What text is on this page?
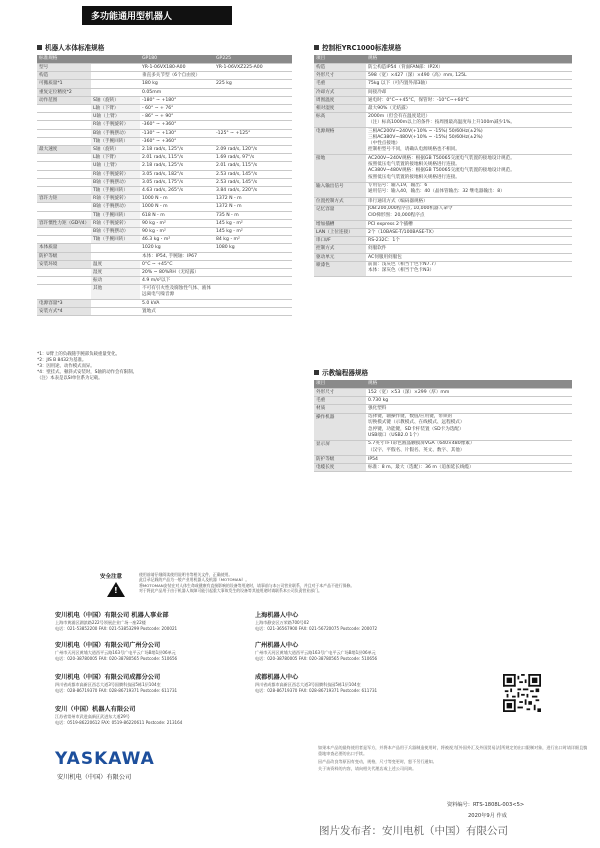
多功能通用型机器人
机器人本体标准规格
标准规格		GP180	GP225
型号		YR-1-06VX180-A00	YR-1-06VXZ225-A00
构造		垂直多关节型（6个自由度）	
可搬质量*1		180 kg	225 kg
重复定位精度*2		0.05mm	
动作范围	S轴（旋转）	-180° ~ +180°	
	L轴（下臂）	- 60° ~ + 76°	
	U轴（上臂）	- 86° ~ + 90°	
	R轴（手腕旋转）	-360° ~ +360°	
	B轴（手腕摆动）	-130° ~ +130°	-125° ~ +125°
	T轴（手腕回转）	-360° ~ +360°	
最大速度	S轴（旋转）	2.18 rad/s, 125°/s	2.09 rad/s, 120°/s
	L轴（下臂）	2.01 rad/s, 115°/s	1.69 rad/s, 97°/s
	U轴（上臂）	2.18 rad/s, 125°/s	2.01 rad/s, 115°/s
	R轴（手腕旋转）	3.05 rad/s, 182°/s	2.53 rad/s, 145°/s
	B轴（手腕摆动）	3.05 rad/s, 175°/s	2.53 rad/s, 145°/s
	T轴（手腕回转）	4.63 rad/s, 265°/s	3.84 rad/s, 220°/s
容许力矩	R轴（手腕旋转）	1000 N・m	1372 N・m
	B轴（手腕摆动）	1000 N・m	1372 N・m
	T轴（手腕回转）	618 N・m	735 N・m
容许惯性力矩（GD²/4）	R轴（手腕旋转）	90 kg・m²	145 kg・m²
	B轴（手腕摆动）	90 kg・m²	145 kg・m²
	T轴（手腕回转）	46.3 kg・m²	84 kg・m²
本体质量		1020 kg	1080 kg
防护等级		本体：IP54, 手腕轴：IP67	
安装环境	温度	0°C ~ +45°C	
	湿度	20% ~ 80%RH（无结露）	
	振动	4.9 m/s²以下	
	其他	不可有引火性及腐蚀性气体、液体
远离电气噪音源	
电源容量*3		5.0 kVA	
安装方式*4		置地式	
*1：U臂上的负载随手腕部负载重量变化。
*2：JIS B 8432为基准。
*3：因用途、动作模式而异。
*4：壁挂式、顿斜式安装时，S轴的动作会有限制。
（注）本表是以SI单位系为记载。
控制柜YRC1000标准规格
项目	规格
构造	防尘构造IP54（背面FAN部：IP2X）
外形尺寸	598（宽）×427（深）×490（高）mm, 125L
毛重	75kg 以下（可内置外部3轴）
冷却方式	间接冷却
周围温度	通电时：0°C~+45°C，保管时：-10°C~+60°C
相对湿度	最大90%（无结露）
标高	2000m（但会有在温度延迟）
（注）标高1000m以上的条件：按周围最高温度每上升100m减少1%。
电源规格	三相AC200V~240V(+10% ~ -15%) 50/60Hz(±2%)
三相AC380V~480V(+10% ~ -15%) 50/60Hz(±2%)
（中性点接地）
控制柜型号不同，请确认电源规格也不相同。
接地	AC200V~240V规格：根据GB T50065交流电气装置的接地设计规范。
按照低压电气装置的接地相关规格进行连接。
AC380V~480V规格：根据GB T50065交流电气装置的接地设计规范。
按照低压电气装置的接地相关规格进行连接。
输入输出信号	专用信号：输入19，输出：6
通用信号：输入40，输出：40（晶体管输出：32 继电器输出：8）
位置控制方式	串行通讯方式（编码器规格）
记忆容量	JOB:200,000程序点, 10,000机器人命令
CIO梯形图：20,000程序点
增加插槽	PCI express 2个插槽
LAN（上位连接）	2个（10BASE-T/100BASE-TX）
串口I/F	RS-232C：1个
控制方式	伺服软件
驱动单元	AC伺服用伺服包
喷漆色	前面：浅灰色（相当于色卡N7.7）
本体：深灰色（相当于色卡N3）
示教编程器规格
项目	规格
外形尺寸	152（宽）×53（深）×299（厚）mm
毛重	0.730 kg
材质	强化塑料
操作机器	选择键，轴操作键，数值/应用键，带锁的
切换模式键（示教模式、在线模式、远程模式）
急停键，功能键，SD卡杆装置（SD卡为选配）
USB端口（USB2.0 1个）
显示屏	5.7英寸TFT彩色液晶触摸屏VGA（640×480像素）
（汉字、平假名、片假名、英文、数字、其他）
防护等级	IP54
电缆长度	标准：8 m。最大（选配）：36 m（追加延长线缆）
安全注意
!
使用前请仔细阅读使用说明书等相关文件，正确使用。
此目录记载的产品为一般产业用机器人及机器（MOTOMAN）。
将MOTOMAN安装在对人体生命或健康有直接影响的设备等用途时，请事前与本公司营业联系，并且对于本产品不进行保修。
对于将此产品用于由于机器人故障可能引起重大事故发生的设备等其他用途时请联系本公司负责营业部门。
安川机电（中国）有限公司 机器人事业部
上海市黄浦区湖滨路222号领展企业广场一座22楼
电话：021-53852200 FAX: 021-53853299 Postcode: 200021
安川机电（中国）有限公司广州分公司
广州市天河区黄埔大道西平云路163号广电平云广场B塔1层06单元
电话：020-38780005 FAX: 020-38780565 Postcode: 510656
安川机电（中国）有限公司成都分公司
四川省成都市高新区西芯大道3号国腾科技园5栋1层104室
电话：028-86719370 FAX: 028-86719371 Postcode: 611731
安川（中国）机器人有限公司
江苏省常州市武进高新区武进东大道29号
电话：0519-86220612 FAX: 0519-86220611 Postcode: 213164
上海机器人中心
上海市静安区万荣路700号02
电话：021-36567900 FAX: 021-56720075 Postcode: 200072
广州机器人中心
广州市天河区黄埔大道西平云路163号广电平云广场B塔1层06单元
电话：020-38780005 FAX: 020-38780565 Postcode: 510656
成都机器人中心
四川省成都市高新区西芯大道3号国腾科技园5栋1层104室
电话：028-86719370 FAX: 028-86719371 Postcode: 611731
YASKAWA
安川机电（中国）有限公司
如果本产品的最终使用者是军方，并将本产品用于兵器制造使用时，将被视为[外国外汇及外国贸易法]所规定的出口限制对象，进行出口时请详细且慎重地审查必要的出口手续。
因产品改良等原因有变动，规格，尺寸等变更时，恕不另行通知。
关于该资料的内容，请向相关代理店或上述公司问询。
资料编号：RTS-1808L-003<5>
2020年9月 作成
图片发布者：安川电机（中国）有限公司
